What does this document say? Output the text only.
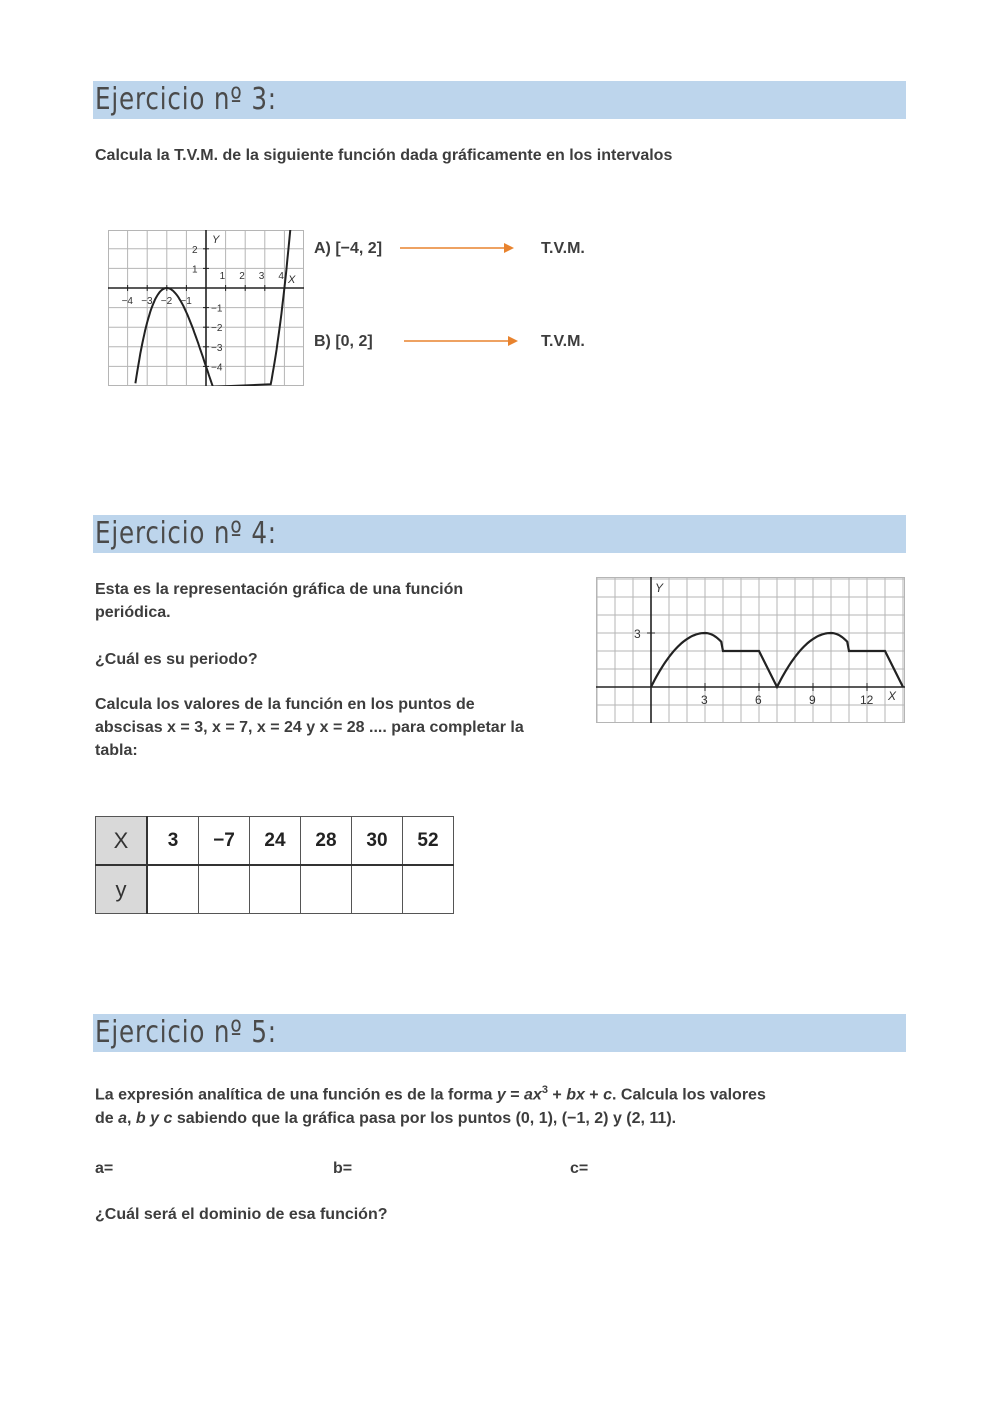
Ejercicio nº 3:
Calcula la T.V.M. de la siguiente función dada gráficamente en los intervalos
Y
X
−4 −3 −2 −1
1 2 3 4
2
1
−1
−2
−3
−4
A) [−4, 2]	T.V.M.
B) [0, 2]	T.V.M.
Ejercicio nº 4:
Esta es la representación gráfica de una función
periódica.
¿Cuál es su periodo?
Calcula los valores de la función en los puntos de
abscisas x = 3, x = 7, x = 24 y x = 28 .... para completar la
tabla:
Y
X
3	6	9	12
3
X	3	−7	24	28	30	52
y						
Ejercicio nº 5:
La expresión analítica de una función es de la forma $y = ax^3$ + bx + c. Calcula los valores
de a, b y c sabiendo que la gráfica pasa por los puntos (0, 1), (−1, 2) y (2, 11).
a=	b=	c=
¿Cuál será el dominio de esa función?
